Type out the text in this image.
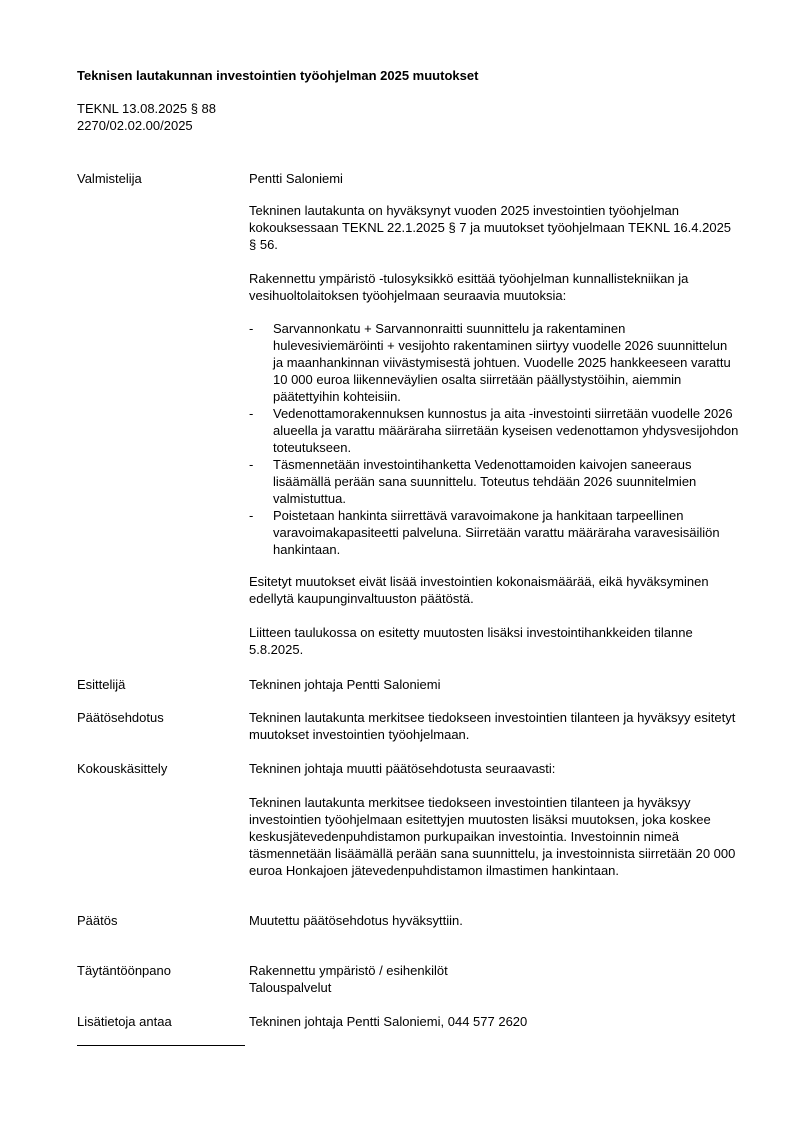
Teknisen lautakunnan investointien työohjelman 2025 muutokset
TEKNL 13.08.2025 § 88
2270/02.02.00/2025
Valmistelija	Pentti Saloniemi
Tekninen lautakunta on hyväksynyt vuoden 2025 investointien työohjelman kokouksessaan TEKNL 22.1.2025 § 7 ja muutokset työohjelmaan TEKNL 16.4.2025 § 56.
Rakennettu ympäristö -tulosyksikkö esittää työohjelman kunnallistekniikan ja vesihuoltolaitoksen työohjelmaan seuraavia muutoksia:
- Sarvannonkatu + Sarvannonraitti suunnittelu ja rakentaminen hulevesiviemäröinti + vesijohto rakentaminen siirtyy vuodelle 2026 suunnittelun ja maanhankinnan viivästymisestä johtuen. Vuodelle 2025 hankkeeseen varattu 10 000 euroa liikenneväylien osalta siirretään päällystystöihin, aiemmin päätettyihin kohteisiin.
- Vedenottamorakennuksen kunnostus ja aita -investointi siirretään vuodelle 2026 alueella ja varattu määräraha siirretään kyseisen vedenottamon yhdysvesijohdon toteutukseen.
- Täsmennetään investointihanketta Vedenottamoiden kaivojen saneeraus lisäämällä perään sana suunnittelu. Toteutus tehdään 2026 suunnitelmien valmistuttua.
- Poistetaan hankinta siirrettävä varavoimakone ja hankitaan tarpeellinen varavoimakapasiteetti palveluna. Siirretään varattu määräraha varavesisäiliön hankintaan.
Esitetyt muutokset eivät lisää investointien kokonaismäärää, eikä hyväksyminen edellytä kaupunginvaltuuston päätöstä.
Liitteen taulukossa on esitetty muutosten lisäksi investointihankkeiden tilanne 5.8.2025.
Esittelijä	Tekninen johtaja Pentti Saloniemi
Päätösehdotus	Tekninen lautakunta merkitsee tiedokseen investointien tilanteen ja hyväksyy esitetyt muutokset investointien työohjelmaan.
Kokouskäsittely	Tekninen johtaja muutti päätösehdotusta seuraavasti:
Tekninen lautakunta merkitsee tiedokseen investointien tilanteen ja hyväksyy investointien työohjelmaan esitettyjen muutosten lisäksi muutoksen, joka koskee keskusjätevedenpuhdistamon purkupaikan investointia. Investoinnin nimeä täsmennetään lisäämällä perään sana suunnittelu, ja investoinnista siirretään 20 000 euroa Honkajoen jätevedenpuhdistamon ilmastimen hankintaan.
Päätös	Muutettu päätösehdotus hyväksyttiin.
Täytäntöönpano	Rakennettu ympäristö / esihenkilöt
Talouspalvelut
Lisätietoja antaa	Tekninen johtaja Pentti Saloniemi, 044 577 2620
